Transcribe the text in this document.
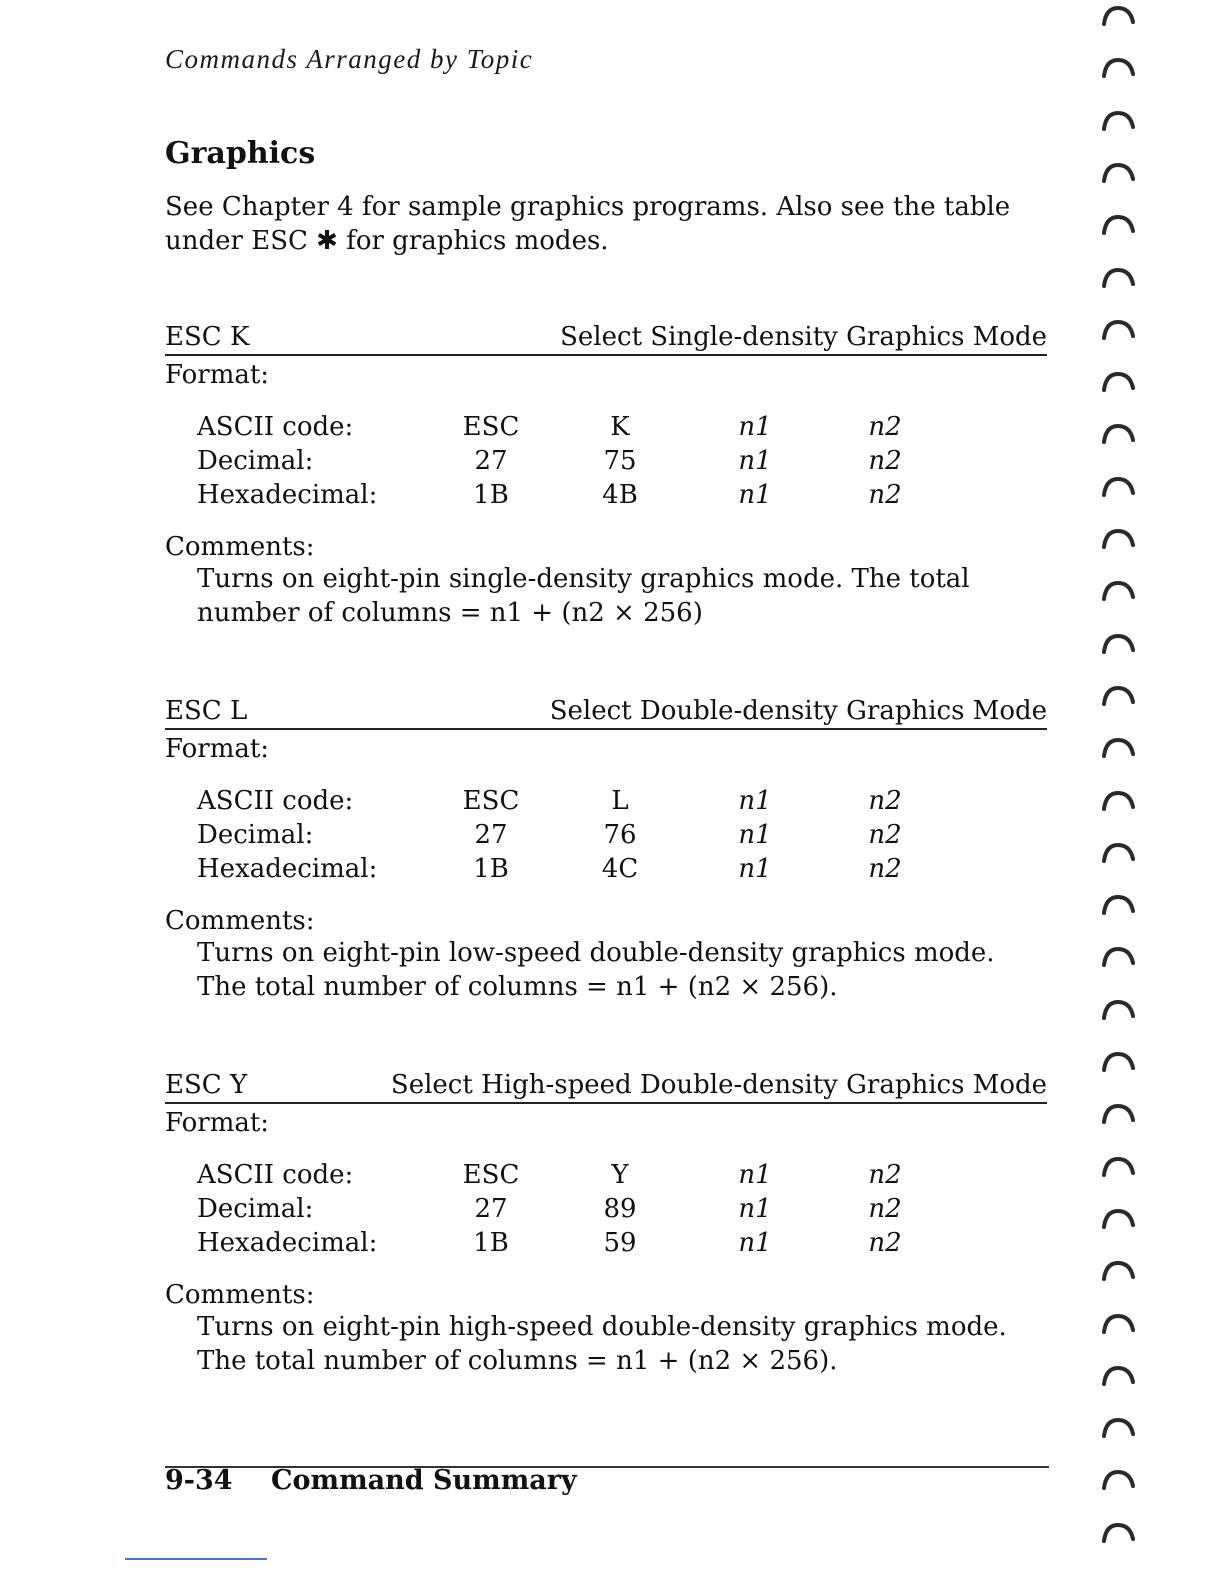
Commands Arranged by Topic
Graphics

See Chapter 4 for sample graphics programs. Also see the table under ESC ✱ for graphics modes.

ESC K	Select Single-density Graphics Mode
Format:
ASCII code:	ESC	K	n1	n2
Decimal:	27	75	n1	n2
Hexadecimal:	1B	4B	n1	n2
Comments:

Turns on eight-pin single-density graphics mode. The total number of columns = n1 + (n2 × 256)

ESC L	Select Double-density Graphics Mode
Format:
ASCII code:	ESC	L	n1	n2
Decimal:	27	76	n1	n2
Hexadecimal:	1B	4C	n1	n2
Comments:

Turns on eight-pin low-speed double-density graphics mode. The total number of columns = n1 + (n2 × 256).

ESC Y	Select High-speed Double-density Graphics Mode
Format:
ASCII code:	ESC	Y	n1	n2
Decimal:	27	89	n1	n2
Hexadecimal:	1B	59	n1	n2
Comments:

Turns on eight-pin high-speed double-density graphics mode. The total number of columns = n1 + (n2 × 256).

9-34 Command Summary
